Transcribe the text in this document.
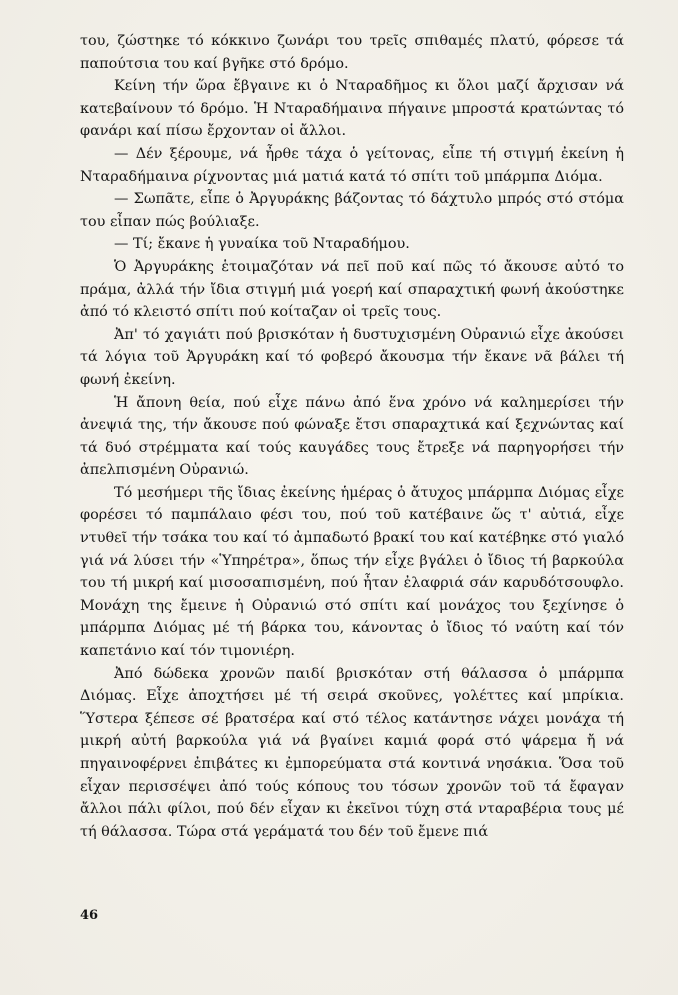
του, ζώστηκε τό κόκκινο ζωνάρι του τρεῖς σπιθαμές πλατύ, φόρεσε τά παπούτσια του καί βγῆκε στό δρόμο.

Κείνη τήν ὥρα ἔβγαινε κι ὁ Νταραδῆμος κι ὅλοι μαζί ἄρχισαν νά κατεβαίνουν τό δρόμο. Ἡ Νταραδήμαινα πήγαινε μπροστά κρατώντας τό φανάρι καί πίσω ἔρχονταν οἱ ἄλλοι.

— Δέν ξέρουμε, νά ἦρθε τάχα ὁ γείτονας, εἶπε τή στιγμή ἐκείνη ἡ Νταραδήμαινα ρίχνοντας μιά ματιά κατά τό σπίτι τοῦ μπάρμπα Διόμα.

— Σωπᾶτε, εἶπε ὁ Ἀργυράκης βάζοντας τό δάχτυλο μπρός στό στόμα του εἶπαν πώς βούλιαξε.

— Τί; ἔκανε ἡ γυναίκα τοῦ Νταραδήμου.

Ὁ Ἀργυράκης ἑτοιμαζόταν νά πεῖ ποῦ καί πῶς τό ἄκουσε αὐτό το πράμα, ἀλλά τήν ἴδια στιγμή μιά γοερή καί σπαραχτική φωνή ἀκούστηκε ἀπό τό κλειστό σπίτι πού κοίταζαν οἱ τρεῖς τους.

Ἀπ' τό χαγιάτι πού βρισκόταν ἡ δυστυχισμένη Οὐρανιώ εἶχε ἀκούσει τά λόγια τοῦ Ἀργυράκη καί τό φοβερό ἄκουσμα τήν ἔκανε νᾶ βάλει τή φωνή ἐκείνη.

Ἡ ἄπονη θεία, πού εἶχε πάνω ἀπό ἕνα χρόνο νά καλημερίσει τήν ἀνεψιά της, τήν ἄκουσε πού φώναξε ἔτσι σπαραχτικά καί ξεχνώντας καί τά δυό στρέμματα καί τούς καυγάδες τους ἔτρεξε νά παρηγορήσει τήν ἀπελπισμένη Οὐρανιώ.

Τό μεσήμερι τῆς ἴδιας ἐκείνης ἡμέρας ὁ ἄτυχος μπάρμπα Διόμας εἶχε φορέσει τό παμπάλαιο φέσι του, πού τοῦ κατέβαινε ὥς τ' αὐτιά, εἶχε ντυθεῖ τήν τσάκα του καί τό ἀμπαδωτό βρακί του καί κατέβηκε στό γιαλό γιά νά λύσει τήν «Ὑπηρέτρα», ὅπως τήν εἶχε βγάλει ὁ ἴδιος τή βαρκούλα του τή μικρή καί μισοσαπισμένη, πού ἦταν ἐλαφριά σάν καρυδότσουφλο. Μονάχη της ἔμεινε ἡ Οὐρανιώ στό σπίτι καί μονάχος του ξεχίνησε ὁ μπάρμπα Διόμας μέ τή βάρκα του, κάνοντας ὁ ἴδιος τό ναύτη καί τόν καπετάνιο καί τόν τιμονιέρη.

Ἀπό δώδεκα χρονῶν παιδί βρισκόταν στή θάλασσα ὁ μπάρμπα Διόμας. Εἶχε ἀποχτήσει μέ τή σειρά σκοῦνες, γολέττες καί μπρίκια. Ὕστερα ξέπεσε σέ βρατσέρα καί στό τέλος κατάντησε νάχει μονάχα τή μικρή αὐτή βαρκούλα γιά νά βγαίνει καμιά φορά στό ψάρεμα ἤ νά πηγαινοφέρνει ἐπιβάτες κι ἐμπορεύματα στά κοντινά νησάκια. Ὅσα τοῦ εἶχαν περισσέψει ἀπό τούς κόπους του τόσων χρονῶν τοῦ τά ἔφαγαν ἄλλοι πάλι φίλοι, πού δέν εἶχαν κι ἐκεῖνοι τύχη στά νταραβέρια τους μέ τή θάλασσα. Τώρα στά γεράματά του δέν τοῦ ἔμενε πιά

46
